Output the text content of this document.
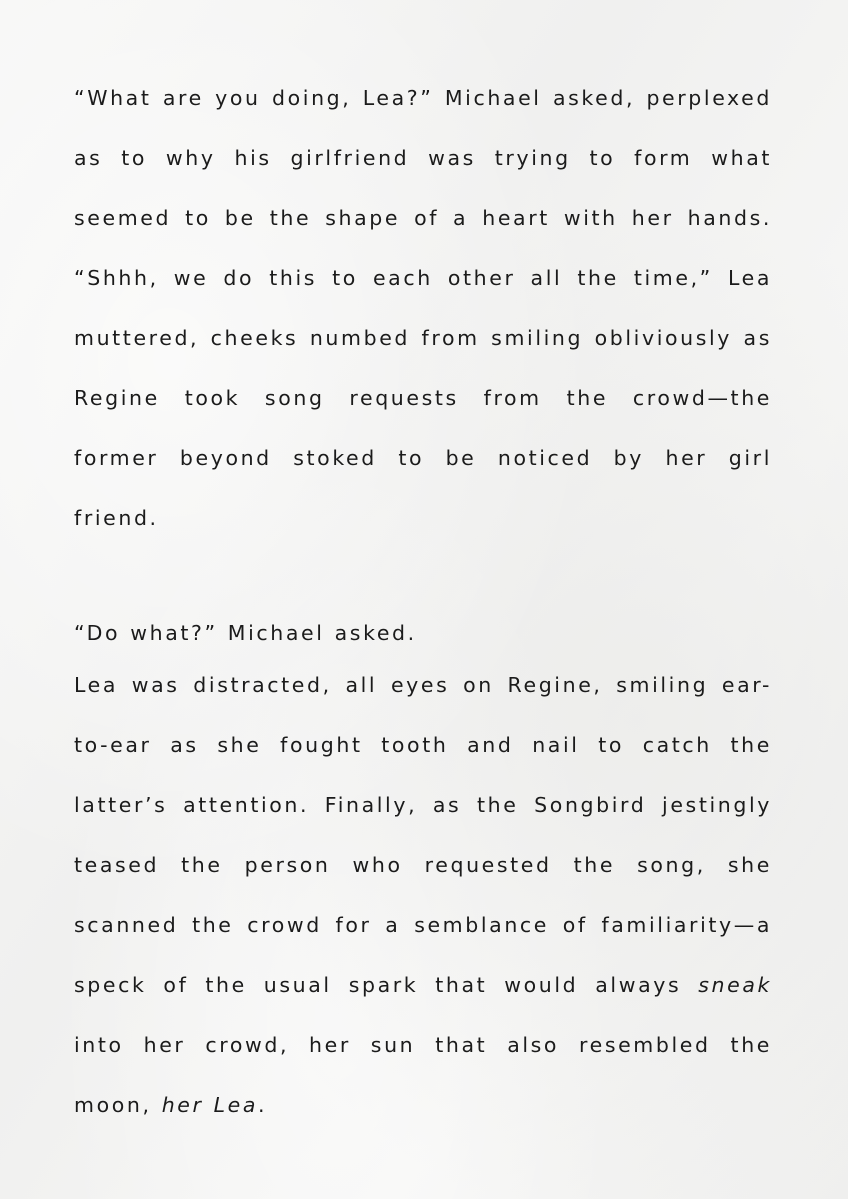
“What are you doing, Lea?” Michael asked, perplexed as to why his girlfriend was trying to form what seemed to be the shape of a heart with her hands. “Shhh, we do this to each other all the time,” Lea muttered, cheeks numbed from smiling obliviously as Regine took song requests from the crowd—the former beyond stoked to be noticed by her girl friend.

“Do what?” Michael asked.

Lea was distracted, all eyes on Regine, smiling ear-to-ear as she fought tooth and nail to catch the latter’s attention. Finally, as the Songbird jestingly teased the person who requested the song, she scanned the crowd for a semblance of familiarity—a speck of the usual spark that would always sneak into her crowd, her sun that also resembled the moon, her Lea.
